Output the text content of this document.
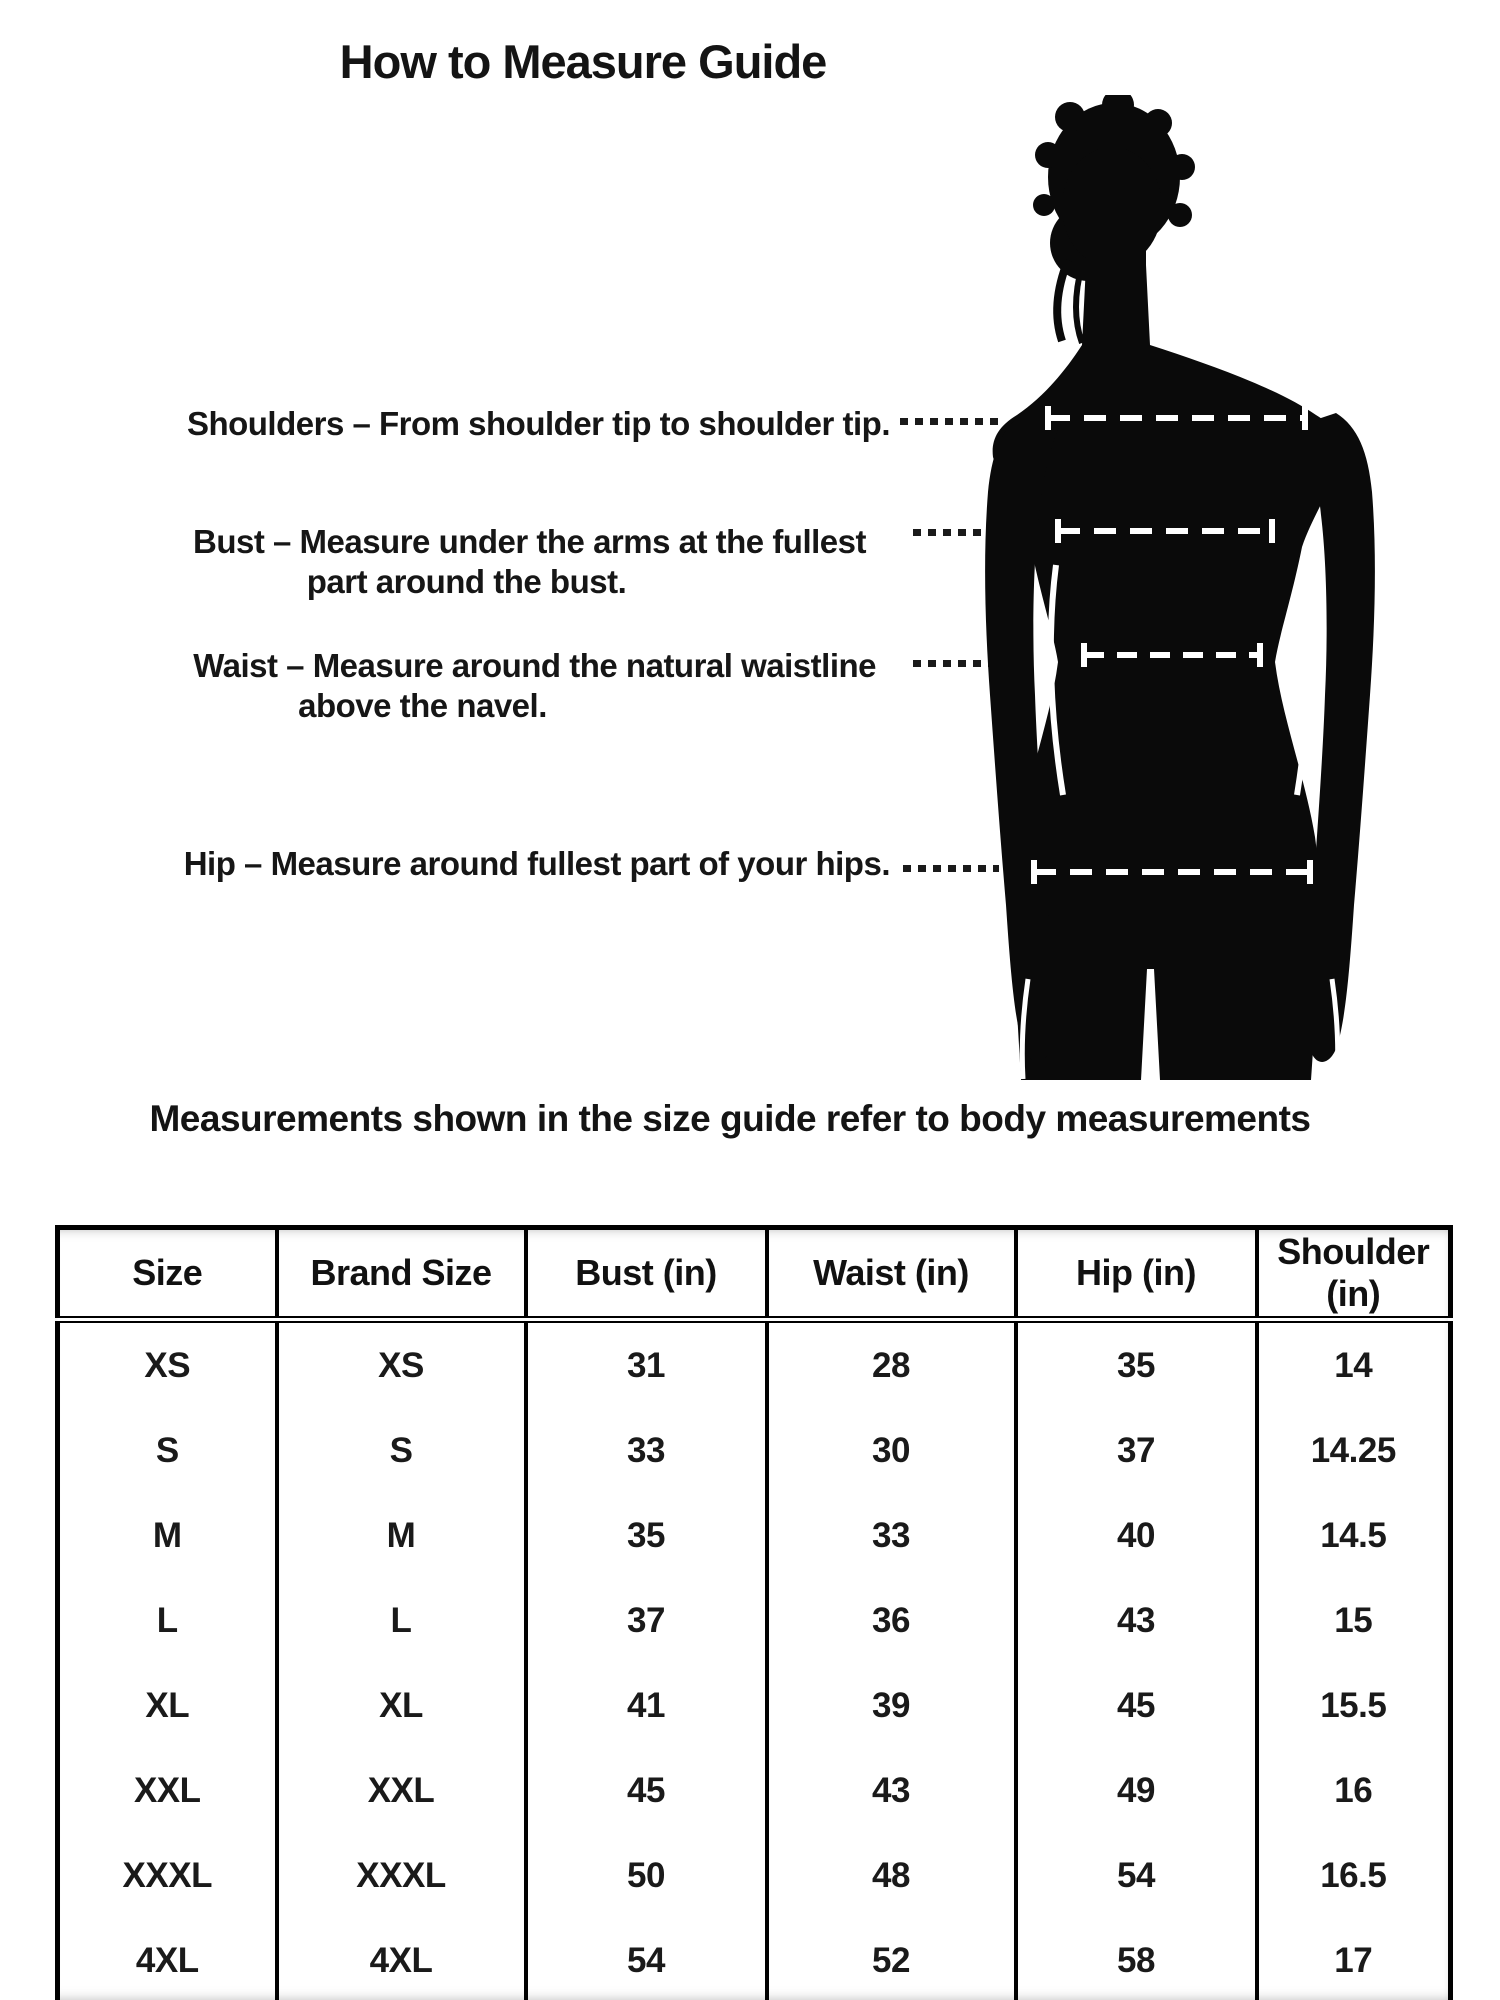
How to Measure Guide
Shoulders – From shoulder tip to shoulder tip.
Bust – Measure under the arms at the fullest
part around the bust.
Waist – Measure around the natural waistline
above the navel.
Hip – Measure around fullest part of your hips.
Measurements shown in the size guide refer to body measurements
Size	Brand Size	Bust (in)	Waist (in)	Hip (in)	Shoulder (in)
XS	XS	31	28	35	14
S	S	33	30	37	14.25
M	M	35	33	40	14.5
L	L	37	36	43	15
XL	XL	41	39	45	15.5
XXL	XXL	45	43	49	16
XXXL	XXXL	50	48	54	16.5
4XL	4XL	54	52	58	17
